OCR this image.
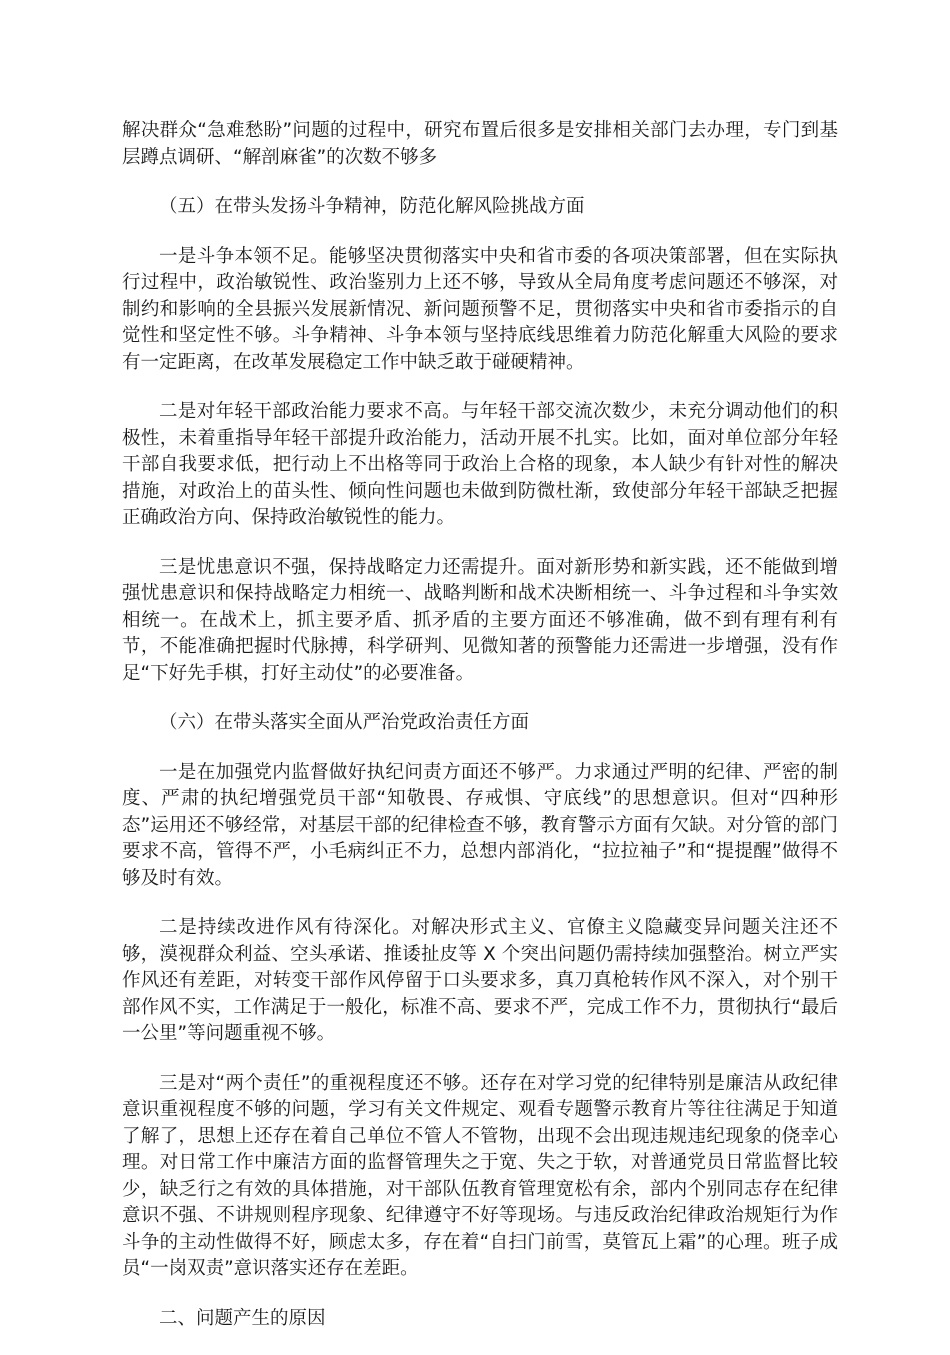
解决群众“急难愁盼”问题的过程中，研究布置后很多是安排相关部门去办理，专门到基层蹲点调研、“解剖麻雀”的次数不够多

（五）在带头发扬斗争精神，防范化解风险挑战方面

一是斗争本领不足。能够坚决贯彻落实中央和省市委的各项决策部署，但在实际执行过程中，政治敏锐性、政治鉴别力上还不够，导致从全局角度考虑问题还不够深，对制约和影响的全县振兴发展新情况、新问题预警不足，贯彻落实中央和省市委指示的自觉性和坚定性不够。斗争精神、斗争本领与坚持底线思维着力防范化解重大风险的要求有一定距离，在改革发展稳定工作中缺乏敢于碰硬精神。

二是对年轻干部政治能力要求不高。与年轻干部交流次数少，未充分调动他们的积极性，未着重指导年轻干部提升政治能力，活动开展不扎实。比如，面对单位部分年轻干部自我要求低，把行动上不出格等同于政治上合格的现象，本人缺少有针对性的解决措施，对政治上的苗头性、倾向性问题也未做到防微杜渐，致使部分年轻干部缺乏把握正确政治方向、保持政治敏锐性的能力。

三是忧患意识不强，保持战略定力还需提升。面对新形势和新实践，还不能做到增强忧患意识和保持战略定力相统一、战略判断和战术决断相统一、斗争过程和斗争实效相统一。在战术上，抓主要矛盾、抓矛盾的主要方面还不够准确，做不到有理有利有节，不能准确把握时代脉搏，科学研判、见微知著的预警能力还需进一步增强，没有作足“下好先手棋，打好主动仗”的必要准备。

（六）在带头落实全面从严治党政治责任方面

一是在加强党内监督做好执纪问责方面还不够严。力求通过严明的纪律、严密的制度、严肃的执纪增强党员干部“知敬畏、存戒惧、守底线”的思想意识。但对“四种形态”运用还不够经常，对基层干部的纪律检查不够，教育警示方面有欠缺。对分管的部门要求不高，管得不严，小毛病纠正不力，总想内部消化，“拉拉袖子”和“提提醒”做得不够及时有效。

二是持续改进作风有待深化。对解决形式主义、官僚主义隐藏变异问题关注还不够，漠视群众利益、空头承诺、推诿扯皮等 X 个突出问题仍需持续加强整治。树立严实作风还有差距，对转变干部作风停留于口头要求多，真刀真枪转作风不深入，对个别干部作风不实，工作满足于一般化，标准不高、要求不严，完成工作不力，贯彻执行“最后一公里”等问题重视不够。

三是对“两个责任”的重视程度还不够。还存在对学习党的纪律特别是廉洁从政纪律意识重视程度不够的问题，学习有关文件规定、观看专题警示教育片等往往满足于知道了解了，思想上还存在着自己单位不管人不管物，出现不会出现违规违纪现象的侥幸心理。对日常工作中廉洁方面的监督管理失之于宽、失之于软，对普通党员日常监督比较少，缺乏行之有效的具体措施，对干部队伍教育管理宽松有余，部内个别同志存在纪律意识不强、不讲规则程序现象、纪律遵守不好等现场。与违反政治纪律政治规矩行为作斗争的主动性做得不好，顾虑太多，存在着“自扫门前雪，莫管瓦上霜”的心理。班子成员“一岗双责”意识落实还存在差距。

二、问题产生的原因
